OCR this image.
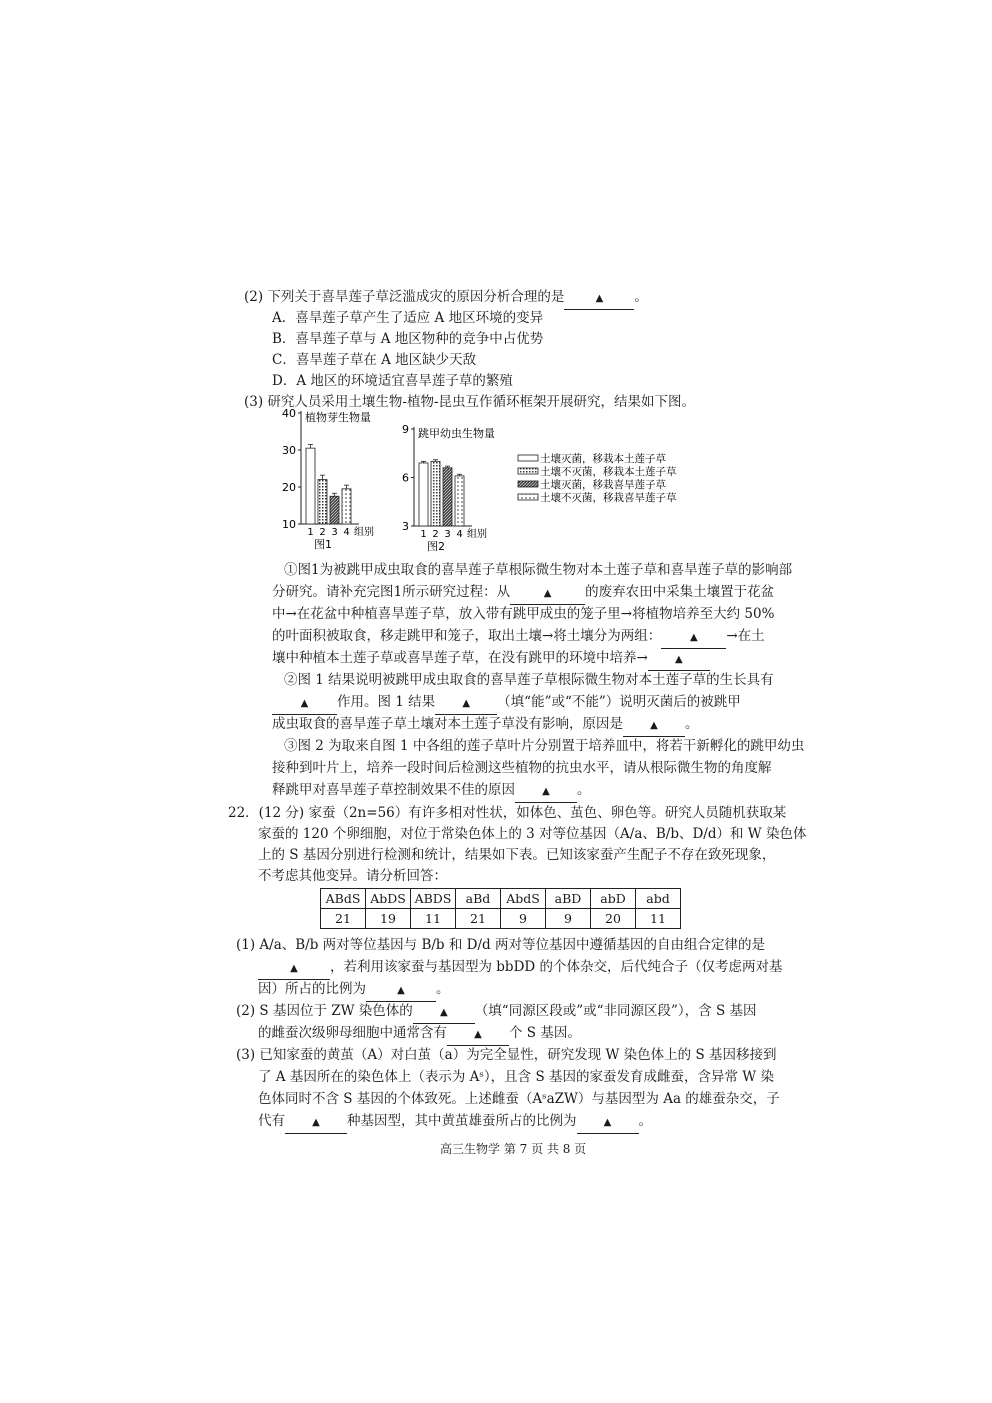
(2) 下列关于喜旱莲子草泛滥成灾的原因分析合理的是	▲ 。
A．喜旱莲子草产生了适应 A 地区环境的变异
B．喜旱莲子草与 A 地区物种的竞争中占优势
C．喜旱莲子草在 A 地区缺少天敌
D．A 地区的环境适宜喜旱莲子草的繁殖
(3) 研究人员采用土壤生物-植物-昆虫互作循环框架开展研究，结果如下图。
10
20
30
40 植物芽生物量
1 2 3 4 组别
图1
3
6
9 跳甲幼虫生物量
1 2 3 4 组别
图2
土壤灭菌，移栽本土莲子草
土壤不灭菌，移栽本土莲子草
土壤灭菌，移栽喜旱莲子草
土壤不灭菌，移栽喜旱莲子草
①图1为被跳甲成虫取食的喜旱莲子草根际微生物对本土莲子草和喜旱莲子草的影响部
分研究。请补充完图1所示研究过程：从	▲ 的废弃农田中采集土壤置于花盆
中→在花盆中种植喜旱莲子草，放入带有跳甲成虫的笼子里→将植物培养至大约 50%
的叶面积被取食，移走跳甲和笼子，取出土壤→将土壤分为两组：	▲ →在土
壤中种植本土莲子草或喜旱莲子草，在没有跳甲的环境中培养→	▲
②图 1 结果说明被跳甲成虫取食的喜旱莲子草根际微生物对本土莲子草的生长具有
▲ 作用。图 1 结果	▲ （填“能”或“不能”）说明灭菌后的被跳甲
成虫取食的喜旱莲子草土壤对本土莲子草没有影响，原因是	▲ 。
③图 2 为取来自图 1 中各组的莲子草叶片分别置于培养皿中，将若干新孵化的跳甲幼虫
接种到叶片上，培养一段时间后检测这些植物的抗虫水平，请从根际微生物的角度解
释跳甲对喜旱莲子草控制效果不佳的原因	▲ 。
22．(12 分) 家蚕（2n=56）有许多相对性状，如体色、茧色、卵色等。研究人员随机获取某
家蚕的 120 个卵细胞，对位于常染色体上的 3 对等位基因（A/a、B/b、D/d）和 W 染色体
上的 S 基因分别进行检测和统计，结果如下表。已知该家蚕产生配子不存在致死现象，
不考虑其他变异。请分析回答：
ABdS	AbDS	ABDS	aBd	AbdS	aBD	abD	abd
21	19	11	21	9	9	20	11
(1) A/a、B/b 两对等位基因与 B/b 和 D/d 两对等位基因中遵循基因的自由组合定律的是
▲ ，若利用该家蚕与基因型为 bbDD 的个体杂交，后代纯合子（仅考虑两对基
因）所占的比例为	▲ 。
(2) S 基因位于 ZW 染色体的	▲ （填“同源区段或”或“非同源区段”），含 S 基因
的雌蚕次级卵母细胞中通常含有	▲ 个 S 基因。
(3) 已知家蚕的黄茧（A）对白茧（a）为完全显性，研究发现 W 染色体上的 S 基因移接到
了 A 基因所在的染色体上（表示为 Aˢ），且含 S 基因的家蚕发育成雌蚕，含异常 W 染
色体同时不含 S 基因的个体致死。上述雌蚕（AˢaZW）与基因型为 Aa 的雄蚕杂交，子
代有	▲ 种基因型，其中黄茧雄蚕所占的比例为	▲ 。
高三生物学 第 7 页 共 8 页
